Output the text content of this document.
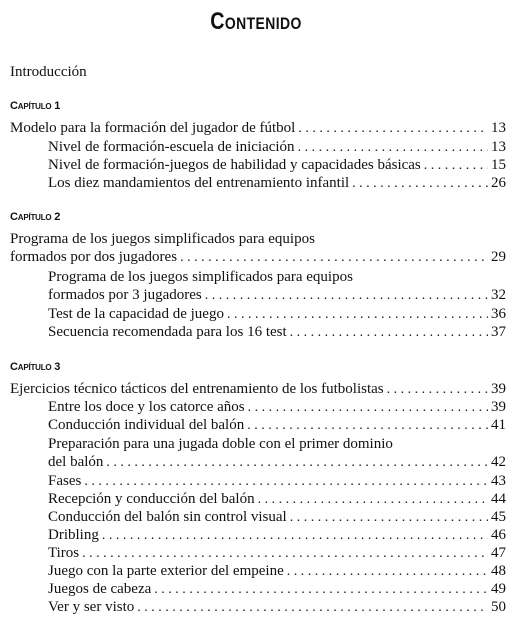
Contenido
Introducción
Capítulo 1
Modelo para la formación del jugador de fútbol . . .	13
Nivel de formación-escuela de iniciación . . .	13
Nivel de formación-juegos de habilidad y capacidades básicas . . .	15
Los diez mandamientos del entrenamiento infantil . . .	26
Capítulo 2
Programa de los juegos simplificados para equipos
formados por dos jugadores . . .	29
Programa de los juegos simplificados para equipos
formados por 3 jugadores . . .	32
Test de la capacidad de juego . . .	36
Secuencia recomendada para los 16 test . . .	37
Capítulo 3
Ejercicios técnico tácticos del entrenamiento de los futbolistas . . .	39
Entre los doce y los catorce años . . .	39
Conducción individual del balón . . .	41
Preparación para una jugada doble con el primer dominio
del balón . . .	42
Fases . . .	43
Recepción y conducción del balón . . .	44
Conducción del balón sin control visual . . .	45
Dribling . . .	46
Tiros . . .	47
Juego con la parte exterior del empeine . . .	48
Juegos de cabeza . . .	49
Ver y ser visto . . .	50
